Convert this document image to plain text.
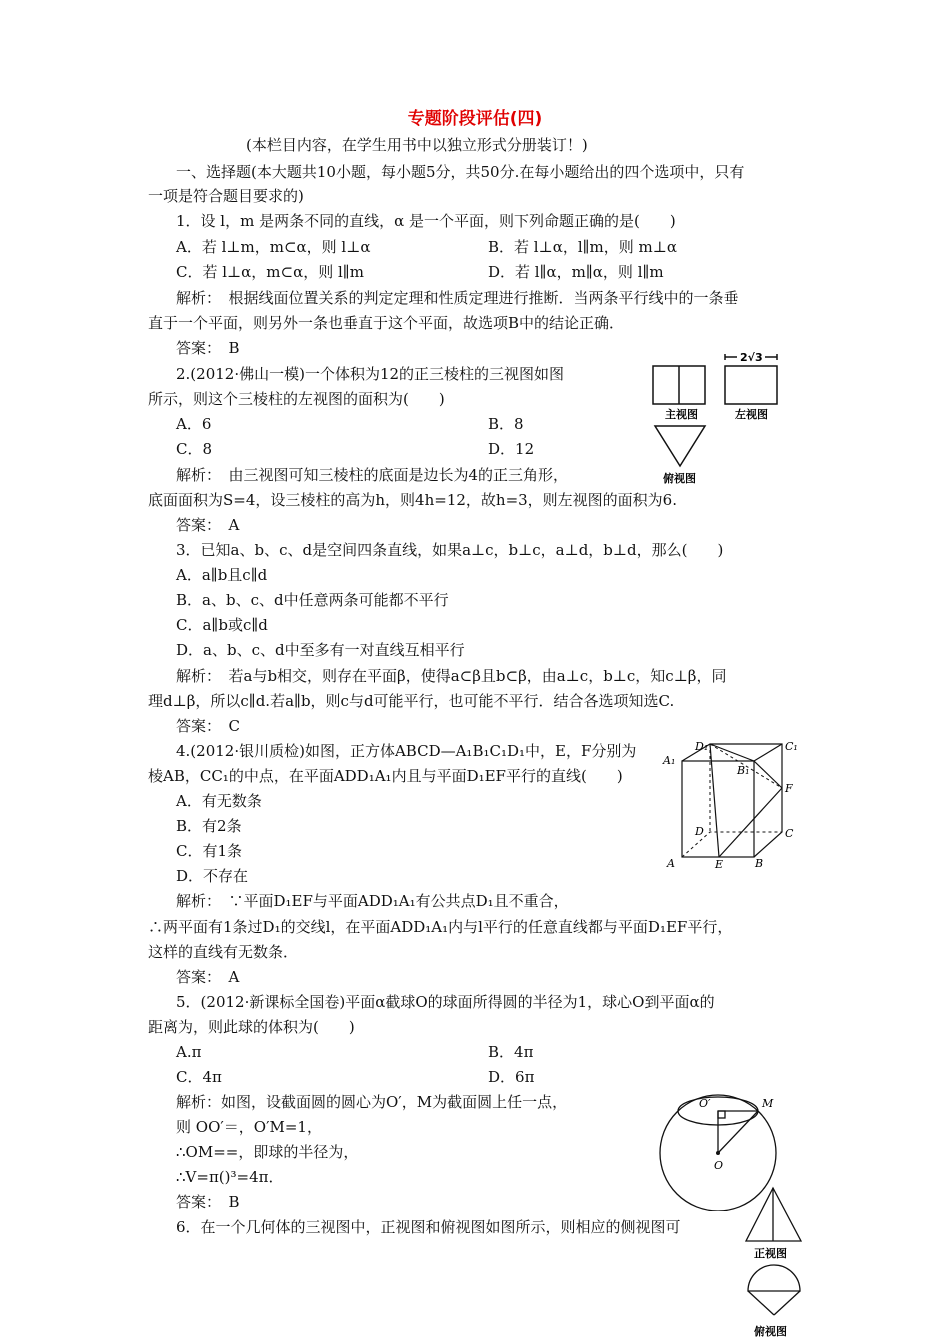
专题阶段评估(四)
(本栏目内容，在学生用书中以独立形式分册装订！)
一、选择题(本大题共10小题，每小题5分，共50分.在每小题给出的四个选项中，只有
一项是符合题目要求的)
1．设 l，m 是两条不同的直线，α 是一个平面，则下列命题正确的是(　　)
A．若 l⊥m，m⊂α，则 l⊥α	B．若 l⊥α，l∥m，则 m⊥α
C．若 l⊥α，m⊂α，则 l∥m	D．若 l∥α，m∥α，则 l∥m
解析：　根据线面位置关系的判定定理和性质定理进行推断．当两条平行线中的一条垂
直于一个平面，则另外一条也垂直于这个平面，故选项B中的结论正确．
答案：　B
2.(2012·佛山一模)一个体积为12的正三棱柱的三视图如图
所示，则这个三棱柱的左视图的面积为(　　)
A．6	B．8
C．8	D．12
解析：　由三视图可知三棱柱的底面是边长为4的正三角形，
底面面积为S=4，设三棱柱的高为h，则4h=12，故h=3，则左视图的面积为6.
答案：　A
3．已知a、b、c、d是空间四条直线，如果a⊥c，b⊥c，a⊥d，b⊥d，那么(　　)
A．a∥b且c∥d
B．a、b、c、d中任意两条可能都不平行
C．a∥b或c∥d
D．a、b、c、d中至多有一对直线互相平行
解析：　若a与b相交，则存在平面β，使得a⊂β且b⊂β，由a⊥c，b⊥c，知c⊥β，同
理d⊥β，所以c∥d.若a∥b，则c与d可能平行，也可能不平行．结合各选项知选C.
答案：　C
4.(2012·银川质检)如图，正方体ABCD—A₁B₁C₁D₁中，E，F分别为
棱AB，CC₁的中点，在平面ADD₁A₁内且与平面D₁EF平行的直线(　　)
A．有无数条
B．有2条
C．有1条
D．不存在
解析：　∵平面D₁EF与平面ADD₁A₁有公共点D₁且不重合，
∴两平面有1条过D₁的交线l，在平面ADD₁A₁内与l平行的任意直线都与平面D₁EF平行，
这样的直线有无数条．
答案：　A
5．(2012·新课标全国卷)平面α截球O的球面所得圆的半径为1，球心O到平面α的
距离为，则此球的体积为(　　)
A.π	B．4π
C．4π	D．6π
解析：如图，设截面圆的圆心为O′，M为截面圆上任一点，
则 OO′＝，O′M=1，
∴OM==，即球的半径为，
∴V=π()³=4π．
答案：　B
6．在一个几何体的三视图中，正视图和俯视图如图所示，则相应的侧视图可
2√3
主视图	左视图
俯视图
D₁	C₁
A₁
B₁
F
D	C
A	E	B
O′	M
O
正视图
俯视图
